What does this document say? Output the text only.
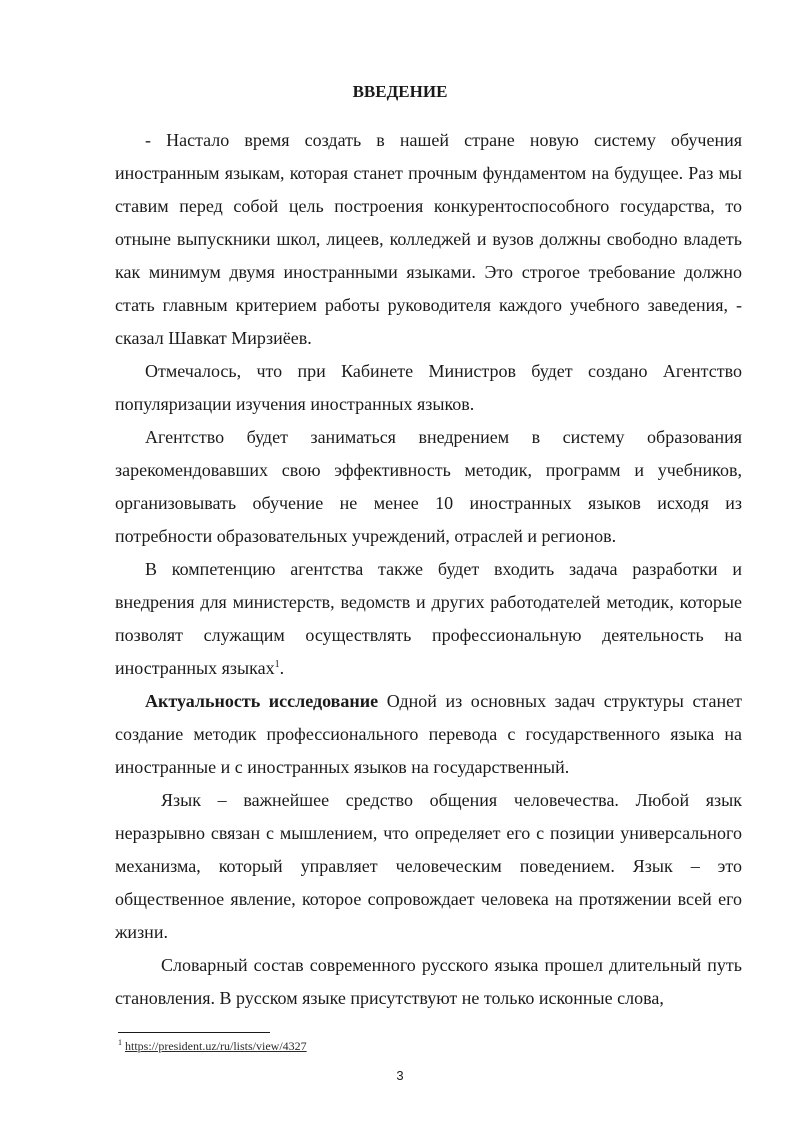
ВВЕДЕНИЕ

- Настало время создать в нашей стране новую систему обучения иностранным языкам, которая станет прочным фундаментом на будущее. Раз мы ставим перед собой цель построения конкурентоспособного государства, то отныне выпускники школ, лицеев, колледжей и вузов должны свободно владеть как минимум двумя иностранными языками. Это строгое требование должно стать главным критерием работы руководителя каждого учебного заведения, - сказал Шавкат Мирзиёев.

Отмечалось, что при Кабинете Министров будет создано Агентство популяризации изучения иностранных языков.

Агентство будет заниматься внедрением в систему образования зарекомендовавших свою эффективность методик, программ и учебников, организовывать обучение не менее 10 иностранных языков исходя из потребности образовательных учреждений, отраслей и регионов.

В компетенцию агентства также будет входить задача разработки и внедрения для министерств, ведомств и других работодателей методик, которые позволят служащим осуществлять профессиональную деятельность на иностранных языках$^1$.

Актуальность исследование Одной из основных задач структуры станет создание методик профессионального перевода с государственного языка на иностранные и с иностранных языков на государственный.

Язык – важнейшее средство общения человечества. Любой язык неразрывно связан с мышлением, что определяет его с позиции универсального механизма, который управляет человеческим поведением. Язык – это общественное явление, которое сопровождает человека на протяжении всей его жизни.

Словарный состав современного русского языка прошел длительный путь становления. В русском языке присутствуют не только исконные слова,

$^1$ https://president.uz/ru/lists/view/4327
3
